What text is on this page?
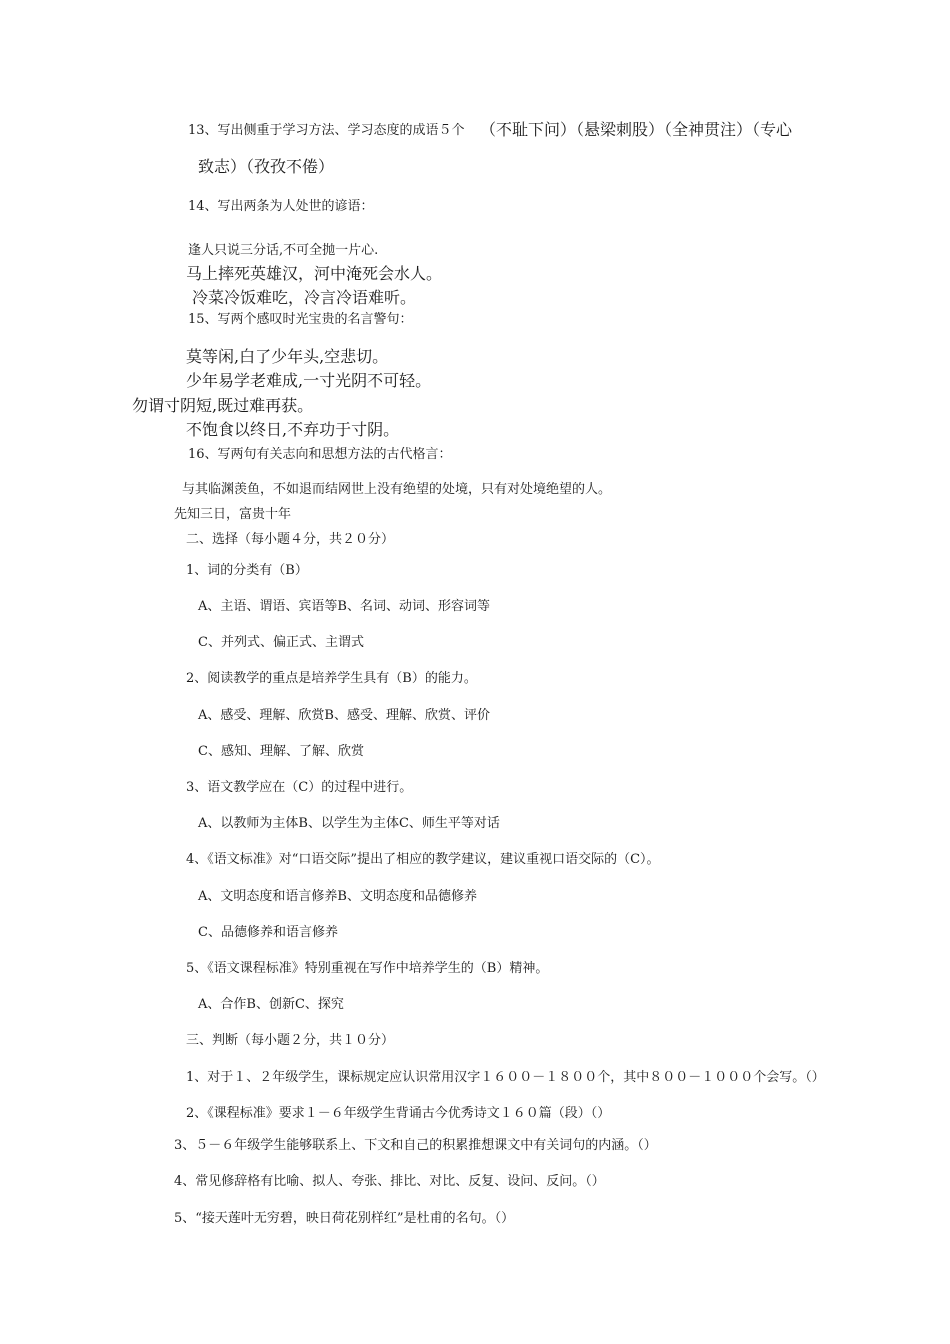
13、写出侧重于学习方法、学习态度的成语５个 （不耻下问）（悬梁刺股）（全神贯注）（专心
致志）（孜孜不倦）
14、写出两条为人处世的谚语：
逢人只说三分话,不可全抛一片心.
马上摔死英雄汉，河中淹死会水人。
冷菜冷饭难吃，冷言冷语难听。
15、写两个感叹时光宝贵的名言警句：
莫等闲,白了少年头,空悲切。
少年易学老难成,一寸光阴不可轻。
勿谓寸阴短,既过难再获。
不饱食以终日,不弃功于寸阴。
16、写两句有关志向和思想方法的古代格言：
与其临渊羡鱼，不如退而结网世上没有绝望的处境，只有对处境绝望的人。
先知三日，富贵十年
二、选择（每小题４分，共２０分）
1、词的分类有（B）
A、主语、谓语、宾语等B、名词、动词、形容词等
C、并列式、偏正式、主谓式
2、阅读教学的重点是培养学生具有（B）的能力。
A、感受、理解、欣赏B、感受、理解、欣赏、评价
C、感知、理解、了解、欣赏
3、语文教学应在（C）的过程中进行。
A、以教师为主体B、以学生为主体C、师生平等对话
4、《语文标准》对“口语交际”提出了相应的教学建议，建议重视口语交际的（C）。
A、文明态度和语言修养B、文明态度和品德修养
C、品德修养和语言修养
5、《语文课程标准》特别重视在写作中培养学生的（B）精神。
A、合作B、创新C、探究
三、判断（每小题２分，共１０分）
1、对于１、２年级学生，课标规定应认识常用汉字１６００－１８００个，其中８００－１０００个会写。（）
2、《课程标准》要求１－６年级学生背诵古今优秀诗文１６０篇（段）（）
3、５－６年级学生能够联系上、下文和自己的积累推想课文中有关词句的内涵。（）
4、常见修辞格有比喻、拟人、夸张、排比、对比、反复、设问、反问。（）
5、“接天莲叶无穷碧，映日荷花别样红”是杜甫的名句。（）
